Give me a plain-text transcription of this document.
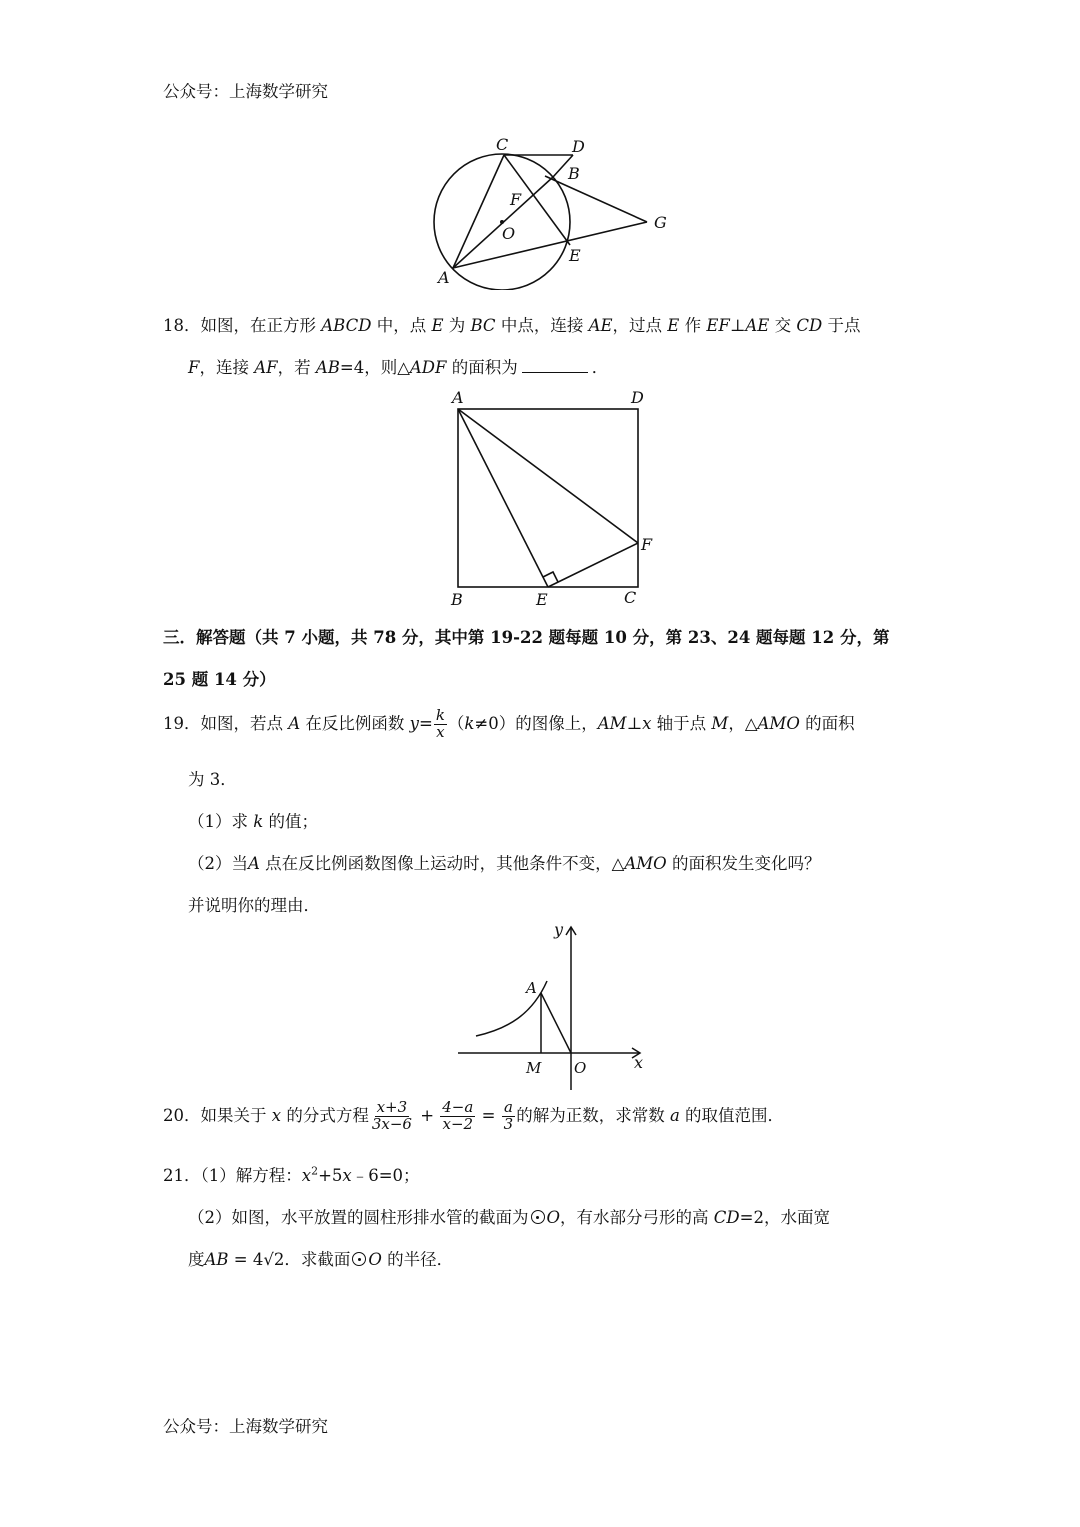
公众号：上海数学研究
C	D
B
F
O
G
E
A
18．如图，在正方形 ABCD 中，点 E 为 BC 中点，连接 AE，过点 E 作 EF⊥AE 交 CD 于点
F，连接 AF，若 AB=4，则△ADF 的面积为	．
A	D
F
B	E	C
三．解答题（共 7 小题，共 78 分，其中第 19-22 题每题 10 分，第 23、24 题每题 12 分，第
25 题 14 分）
19．如图，若点 A 在反比例函数 $y= \frac{k}{x} (k\ne 0)$的图像上，AM⊥x 轴于点 M，△AMO 的面积
为 3．
（1）求 k 的值；
（2）当A 点在反比例函数图像上运动时，其他条件不变，△AMO 的面积发生变化吗？
并说明你的理由．
y
A
M O	x
20．如果关于 x 的分式方程 $\frac{x+3}{3x-6} + \frac{4-a}{x-2} = \frac{a}{3}$ 的解为正数，求常数 a 的取值范围．
21．（1）解方程：$x^2+5x﹣6=0$；
（2）如图，水平放置的圆柱形排水管的截面为 O，有水部分弓形的高 CD=2，水面宽
度AB = 4√2．求截面 O 的半径．
公众号：上海数学研究
